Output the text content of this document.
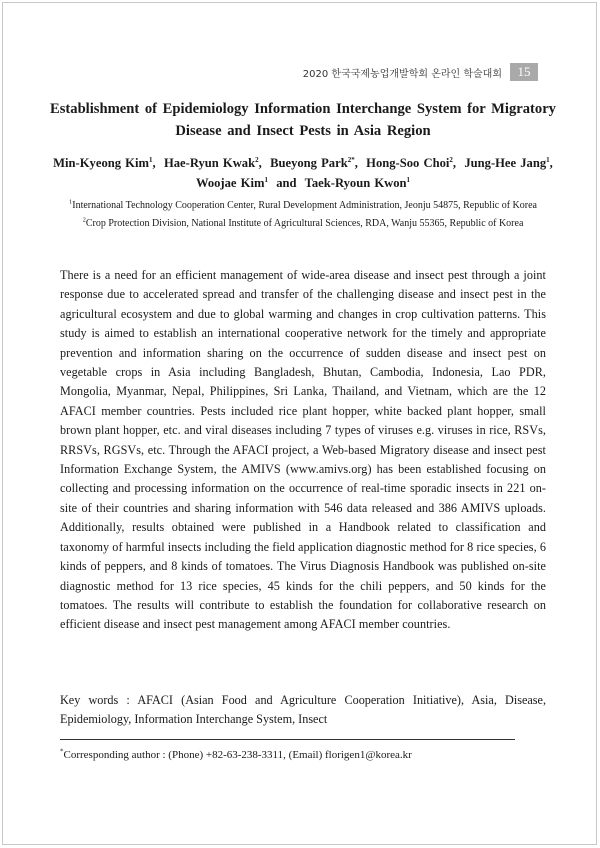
2020 한국국제농업개발학회 온라인 학술대회	15
Establishment of Epidemiology Information Interchange System for Migratory
Disease and Insect Pests in Asia Region
Min-Kyeong Kim$^1$,  Hae-Ryun Kwak$^2$,  Bueyong Park$^{2*}$,  Hong-Soo Choi$^2$,  Jung-Hee Jang$^1$,
Woojae Kim$^1$  and  Taek-Ryoun Kwon$^1$
$^1$International Technology Cooperation Center, Rural Development Administration, Jeonju 54875, Republic of Korea
$^2$Crop Protection Division, National Institute of Agricultural Sciences, RDA, Wanju 55365, Republic of Korea

There is a need for an efficient management of wide-area disease and insect pest through a joint response due to accelerated spread and transfer of the challenging disease and insect pest in the agricultural ecosystem and due to global warming and changes in crop cultivation patterns. This study is aimed to establish an international cooperative network for the timely and appropriate prevention and information sharing on the occurrence of sudden disease and insect pest on vegetable crops in Asia including Bangladesh, Bhutan, Cambodia, Indonesia, Lao PDR, Mongolia, Myanmar, Nepal, Philippines, Sri Lanka, Thailand, and Vietnam, which are the 12 AFACI member countries. Pests included rice plant hopper, white backed plant hopper, small brown plant hopper, etc. and viral diseases including 7 types of viruses e.g. viruses in rice, RSVs, RRSVs, RGSVs, etc. Through the AFACI project, a Web-based Migratory disease and insect pest Information Exchange System, the AMIVS (www.amivs.org) has been established focusing on collecting and processing information on the occurrence of real-time sporadic insects in 221 on-site of their countries and sharing information with 546 data released and 386 AMIVS uploads. Additionally, results obtained were published in a Handbook related to classification and taxonomy of harmful insects including the field application diagnostic method for 8 rice species, 6 kinds of peppers, and 8 kinds of tomatoes. The Virus Diagnosis Handbook was published on-site diagnostic method for 13 rice species, 45 kinds for the chili peppers, and 50 kinds for the tomatoes. The results will contribute to establish the foundation for collaborative research on efficient disease and insect pest management among AFACI member countries.

Key words : AFACI (Asian Food and Agriculture Cooperation Initiative), Asia, Disease, Epidemiology, Information Interchange System, Insect

*Corresponding author : (Phone) +82-63-238-3311, (Email) florigen1@korea.kr
